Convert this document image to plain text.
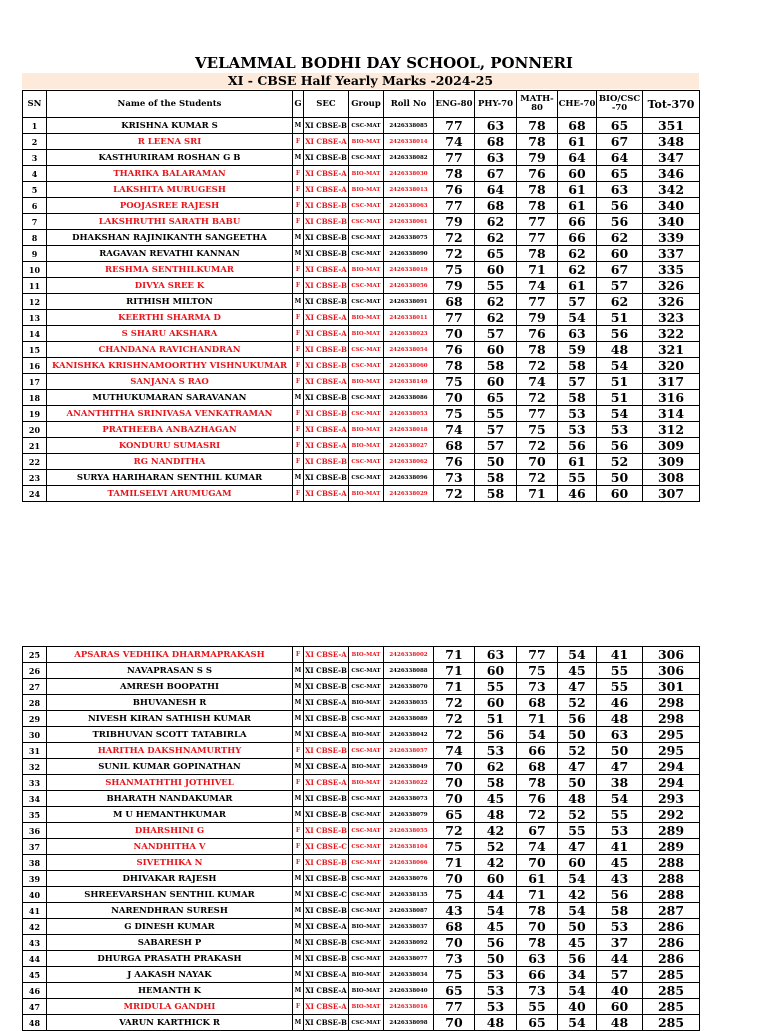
VELAMMAL BODHI DAY SCHOOL, PONNERI
XI - CBSE Half Yearly Marks -2024-25
SN	Name of the Students	G	SEC	Group	Roll No	ENG-80	PHY-70	MATH-80	CHE-70	BIO/CSC -70	Tot-370
1	KRISHNA KUMAR S	M	XI CBSE-B	CSC-MAT	2426338085	77	63	78	68	65	351
2	R LEENA SRI	F	XI CBSE-A	BIO-MAT	2426338014	74	68	78	61	67	348
3	KASTHURIRAM ROSHAN G B	M	XI CBSE-B	CSC-MAT	2426338082	77	63	79	64	64	347
4	THARIKA BALARAMAN	F	XI CBSE-A	BIO-MAT	2426338030	78	67	76	60	65	346
5	LAKSHITA MURUGESH	F	XI CBSE-A	BIO-MAT	2426338013	76	64	78	61	63	342
6	POOJASREE RAJESH	F	XI CBSE-B	CSC-MAT	2426338063	77	68	78	61	56	340
7	LAKSHRUTHI SARATH BABU	F	XI CBSE-B	CSC-MAT	2426338061	79	62	77	66	56	340
8	DHAKSHAN RAJINIKANTH SANGEETHA	M	XI CBSE-B	CSC-MAT	2426338075	72	62	77	66	62	339
9	RAGAVAN REVATHI KANNAN	M	XI CBSE-B	CSC-MAT	2426338090	72	65	78	62	60	337
10	RESHMA SENTHILKUMAR	F	XI CBSE-A	BIO-MAT	2426338019	75	60	71	62	67	335
11	DIVYA SREE K	F	XI CBSE-B	CSC-MAT	2426338056	79	55	74	61	57	326
12	RITHISH MILTON	M	XI CBSE-B	CSC-MAT	2426338091	68	62	77	57	62	326
13	KEERTHI SHARMA D	F	XI CBSE-A	BIO-MAT	2426338011	77	62	79	54	51	323
14	S SHARU AKSHARA	F	XI CBSE-A	BIO-MAT	2426338023	70	57	76	63	56	322
15	CHANDANA RAVICHANDRAN	F	XI CBSE-B	CSC-MAT	2426338054	76	60	78	59	48	321
16	KANISHKA KRISHNAMOORTHY VISHNUKUMAR	F	XI CBSE-B	CSC-MAT	2426338060	78	58	72	58	54	320
17	SANJANA S RAO	F	XI CBSE-A	BIO-MAT	2426338149	75	60	74	57	51	317
18	MUTHUKUMARAN SARAVANAN	M	XI CBSE-B	CSC-MAT	2426338086	70	65	72	58	51	316
19	ANANTHITHA SRINIVASA VENKATRAMAN	F	XI CBSE-B	CSC-MAT	2426338053	75	55	77	53	54	314
20	PRATHEEBA ANBAZHAGAN	F	XI CBSE-A	BIO-MAT	2426338018	74	57	75	53	53	312
21	KONDURU SUMASRI	F	XI CBSE-A	BIO-MAT	2426338027	68	57	72	56	56	309
22	RG NANDITHA	F	XI CBSE-B	CSC-MAT	2426338062	76	50	70	61	52	309
23	SURYA HARIHARAN SENTHIL KUMAR	M	XI CBSE-B	CSC-MAT	2426338096	73	58	72	55	50	308
24	TAMILSELVI ARUMUGAM	F	XI CBSE-A	BIO-MAT	2426338029	72	58	71	46	60	307
25	APSARAS VEDHIKA DHARMAPRAKASH	F	XI CBSE-A	BIO-MAT	2426338002	71	63	77	54	41	306
26	NAVAPRASAN S S	M	XI CBSE-B	CSC-MAT	2426338088	71	60	75	45	55	306
27	AMRESH BOOPATHI	M	XI CBSE-B	CSC-MAT	2426338070	71	55	73	47	55	301
28	BHUVANESH R	M	XI CBSE-A	BIO-MAT	2426338035	72	60	68	52	46	298
29	NIVESH KIRAN SATHISH KUMAR	M	XI CBSE-B	CSC-MAT	2426338089	72	51	71	56	48	298
30	TRIBHUVAN SCOTT TATABIRLA	M	XI CBSE-A	BIO-MAT	2426338042	72	56	54	50	63	295
31	HARITHA DAKSHNAMURTHY	F	XI CBSE-B	CSC-MAT	2426338057	74	53	66	52	50	295
32	SUNIL KUMAR GOPINATHAN	M	XI CBSE-A	BIO-MAT	2426338049	70	62	68	47	47	294
33	SHANMATHTHI JOTHIVEL	F	XI CBSE-A	BIO-MAT	2426338022	70	58	78	50	38	294
34	BHARATH NANDAKUMAR	M	XI CBSE-B	CSC-MAT	2426338073	70	45	76	48	54	293
35	M U HEMANTHKUMAR	M	XI CBSE-B	CSC-MAT	2426338079	65	48	72	52	55	292
36	DHARSHINI G	F	XI CBSE-B	CSC-MAT	2426338055	72	42	67	55	53	289
37	NANDHITHA V	F	XI CBSE-C	CSC-MAT	2426338104	75	52	74	47	41	289
38	SIVETHIKA N	F	XI CBSE-B	CSC-MAT	2426338066	71	42	70	60	45	288
39	DHIVAKAR RAJESH	M	XI CBSE-B	CSC-MAT	2426338076	70	60	61	54	43	288
40	SHREEVARSHAN SENTHIL KUMAR	M	XI CBSE-C	CSC-MAT	2426338135	75	44	71	42	56	288
41	NARENDHRAN SURESH	M	XI CBSE-B	CSC-MAT	2426338087	43	54	78	54	58	287
42	G DINESH KUMAR	M	XI CBSE-A	BIO-MAT	2426338037	68	45	70	50	53	286
43	SABARESH P	M	XI CBSE-B	CSC-MAT	2426338092	70	56	78	45	37	286
44	DHURGA PRASATH PRAKASH	M	XI CBSE-B	CSC-MAT	2426338077	73	50	63	56	44	286
45	J AAKASH NAYAK	M	XI CBSE-A	BIO-MAT	2426338034	75	53	66	34	57	285
46	HEMANTH K	M	XI CBSE-A	BIO-MAT	2426338040	65	53	73	54	40	285
47	MRIDULA GANDHI	F	XI CBSE-A	BIO-MAT	2426338016	77	53	55	40	60	285
48	VARUN KARTHICK R	M	XI CBSE-B	CSC-MAT	2426338098	70	48	65	54	48	285
